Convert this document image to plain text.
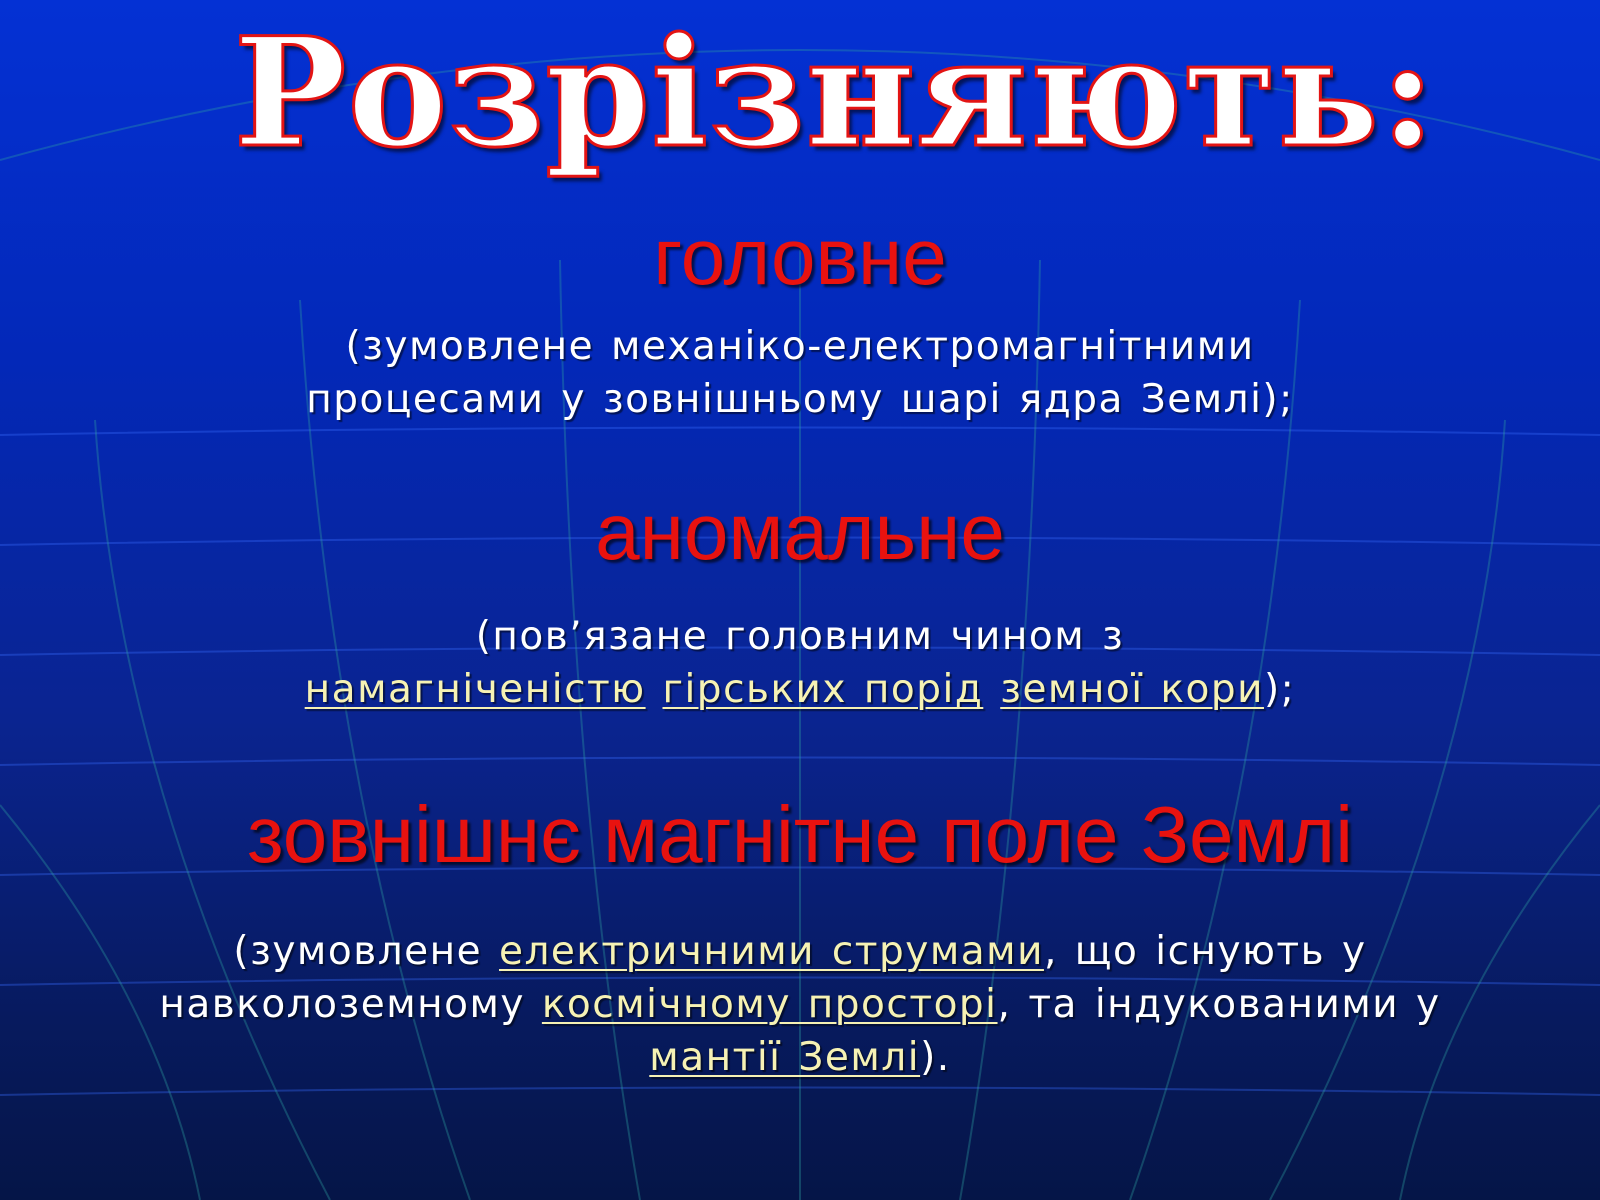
Розрізняють:
головне
(зумовлене механіко-електромагнітними
процесами у зовнішньому шарі ядра Землі);
аномальне
(пов’язане головним чином з
намагніченістю гірських порід земної кори);
зовнішнє магнітне поле Землі
(зумовлене електричними струмами, що існують у
навколоземному космічному просторі, та індукованими у
мантії Землі).
